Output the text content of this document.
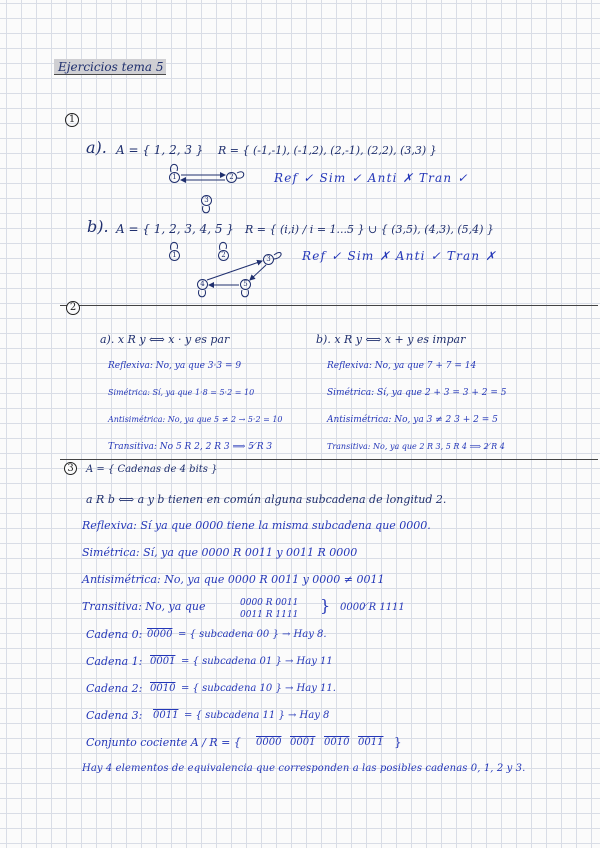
Ejercicios tema 5
1
a). A = { 1, 2, 3 } R = { (-1,-1), (-1,2), (2,-1), (2,2), (3,3) }
1	2
3
Ref ✓ Sim ✓ Anti ✗ Tran ✓
b). A = { 1, 2, 3, 4, 5 } R = { (i,i) / i = 1...5 } ∪ { (3,5), (4,3), (5,4) }
1	2	3
4	5
Ref ✓ Sim ✗ Anti ✓ Tran ✗
2
a). x R y ⟺ x · y es par
Reflexiva: No, ya que 3·3 = 9
Simétrica: Sí, ya que 1·8 = 5·2 = 10
Antisimétrica: No, ya que 5 ≠ 2 → 5·2 = 10
Transitiva: No 5 R 2, 2 R 3 ⟹ 5 ̸R 3
b). x R y ⟺ x + y es impar
Reflexiva: No, ya que 7 + 7 = 14
Simétrica: Sí, ya que 2 + 3 = 3 + 2 = 5
Antisimétrica: No, ya 3 ≠ 2 3 + 2 = 5
Transitiva: No, ya que 2 R 3, 5 R 4 ⟹ 2 ̸R 4
3	A = { Cadenas de 4 bits }
a R b ⟺ a y b tienen en común alguna subcadena de longitud 2.
Reflexiva: Sí ya que 0000 tiene la misma subcadena que 0000.
Simétrica: Sí, ya que 0000 R 0011 y 0011 R 0000
Antisimétrica: No, ya que 0000 R 0011 y 0000 ≠ 0011
Transitiva: No, ya que	0000 R 0011
0011 R 1111 } 0000 ̸R 1111
Cadena 0: 0000 = { subcadena 00 } → Hay 8.
Cadena 1: 0001 = { subcadena 01 } → Hay 11
Cadena 2: 0010 = { subcadena 10 } → Hay 11.
Cadena 3: 0011 = { subcadena 11 } → Hay 8
Conjunto cociente A / R = { 0000 0001 0010 0011 }
Hay 4 elementos de equivalencia que corresponden a las posibles cadenas 0, 1, 2 y 3.
